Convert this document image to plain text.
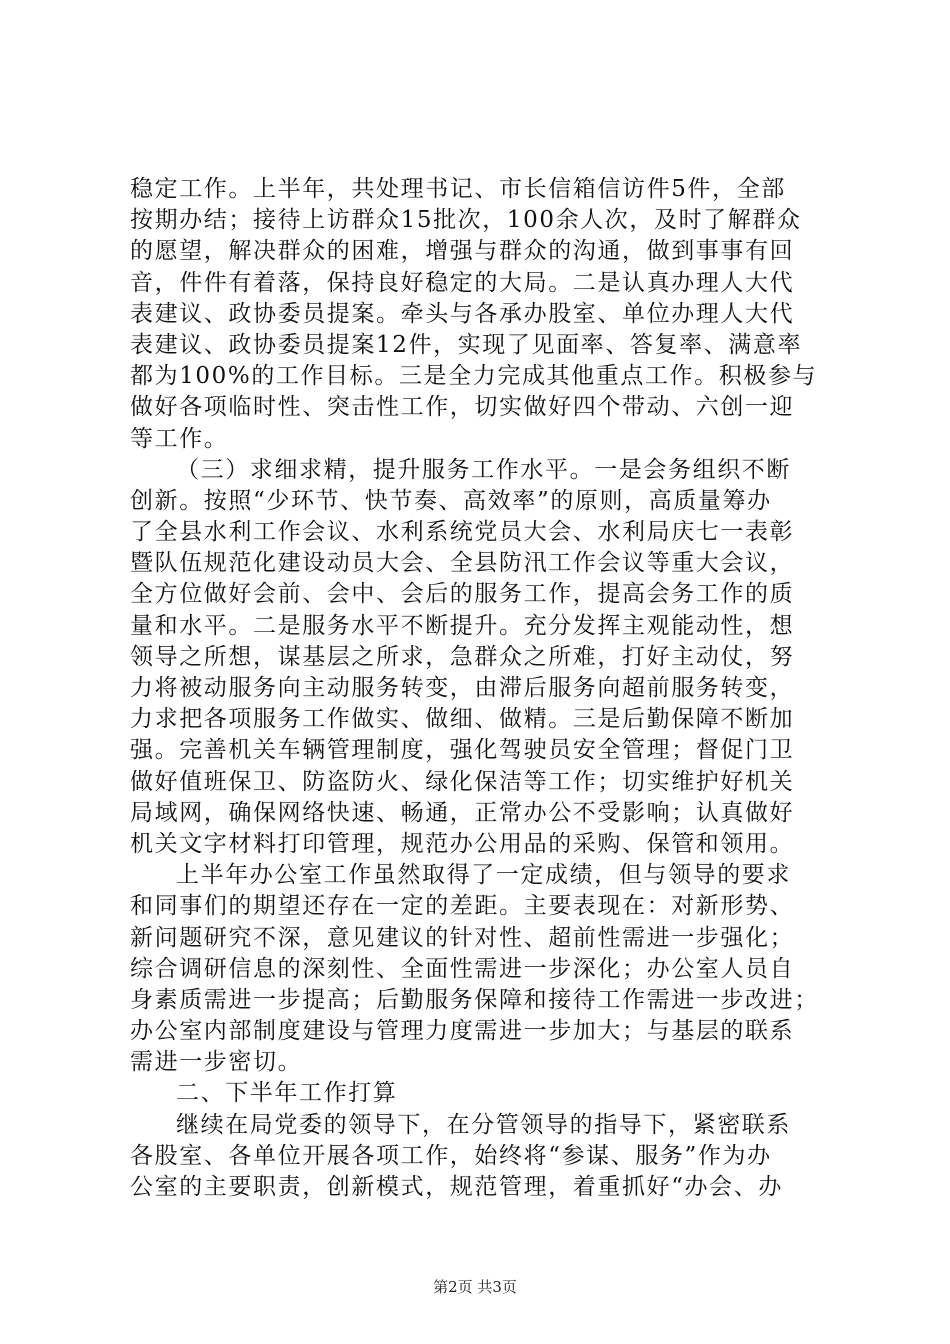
稳定工作。上半年，共处理书记、市长信箱信访件5件，全部
按期办结；接待上访群众15批次，100余人次，及时了解群众
的愿望，解决群众的困难，增强与群众的沟通，做到事事有回
音，件件有着落，保持良好稳定的大局。二是认真办理人大代
表建议、政协委员提案。牵头与各承办股室、单位办理人大代
表建议、政协委员提案12件，实现了见面率、答复率、满意率
都为100%的工作目标。三是全力完成其他重点工作。积极参与
做好各项临时性、突击性工作，切实做好四个带动、六创一迎
等工作。
（三）求细求精，提升服务工作水平。一是会务组织不断
创新。按照“少环节、快节奏、高效率”的原则，高质量筹办
了全县水利工作会议、水利系统党员大会、水利局庆七一表彰
暨队伍规范化建设动员大会、全县防汛工作会议等重大会议，
全方位做好会前、会中、会后的服务工作，提高会务工作的质
量和水平。二是服务水平不断提升。充分发挥主观能动性，想
领导之所想，谋基层之所求，急群众之所难，打好主动仗，努
力将被动服务向主动服务转变，由滞后服务向超前服务转变，
力求把各项服务工作做实、做细、做精。三是后勤保障不断加
强。完善机关车辆管理制度，强化驾驶员安全管理；督促门卫
做好值班保卫、防盗防火、绿化保洁等工作；切实维护好机关
局域网，确保网络快速、畅通，正常办公不受影响；认真做好
机关文字材料打印管理，规范办公用品的采购、保管和领用。
上半年办公室工作虽然取得了一定成绩，但与领导的要求
和同事们的期望还存在一定的差距。主要表现在：对新形势、
新问题研究不深，意见建议的针对性、超前性需进一步强化；
综合调研信息的深刻性、全面性需进一步深化；办公室人员自
身素质需进一步提高；后勤服务保障和接待工作需进一步改进；
办公室内部制度建设与管理力度需进一步加大；与基层的联系
需进一步密切。
二、下半年工作打算
继续在局党委的领导下，在分管领导的指导下，紧密联系
各股室、各单位开展各项工作，始终将“参谋、服务”作为办
公室的主要职责，创新模式，规范管理，着重抓好“办会、办
第2页 共3页
